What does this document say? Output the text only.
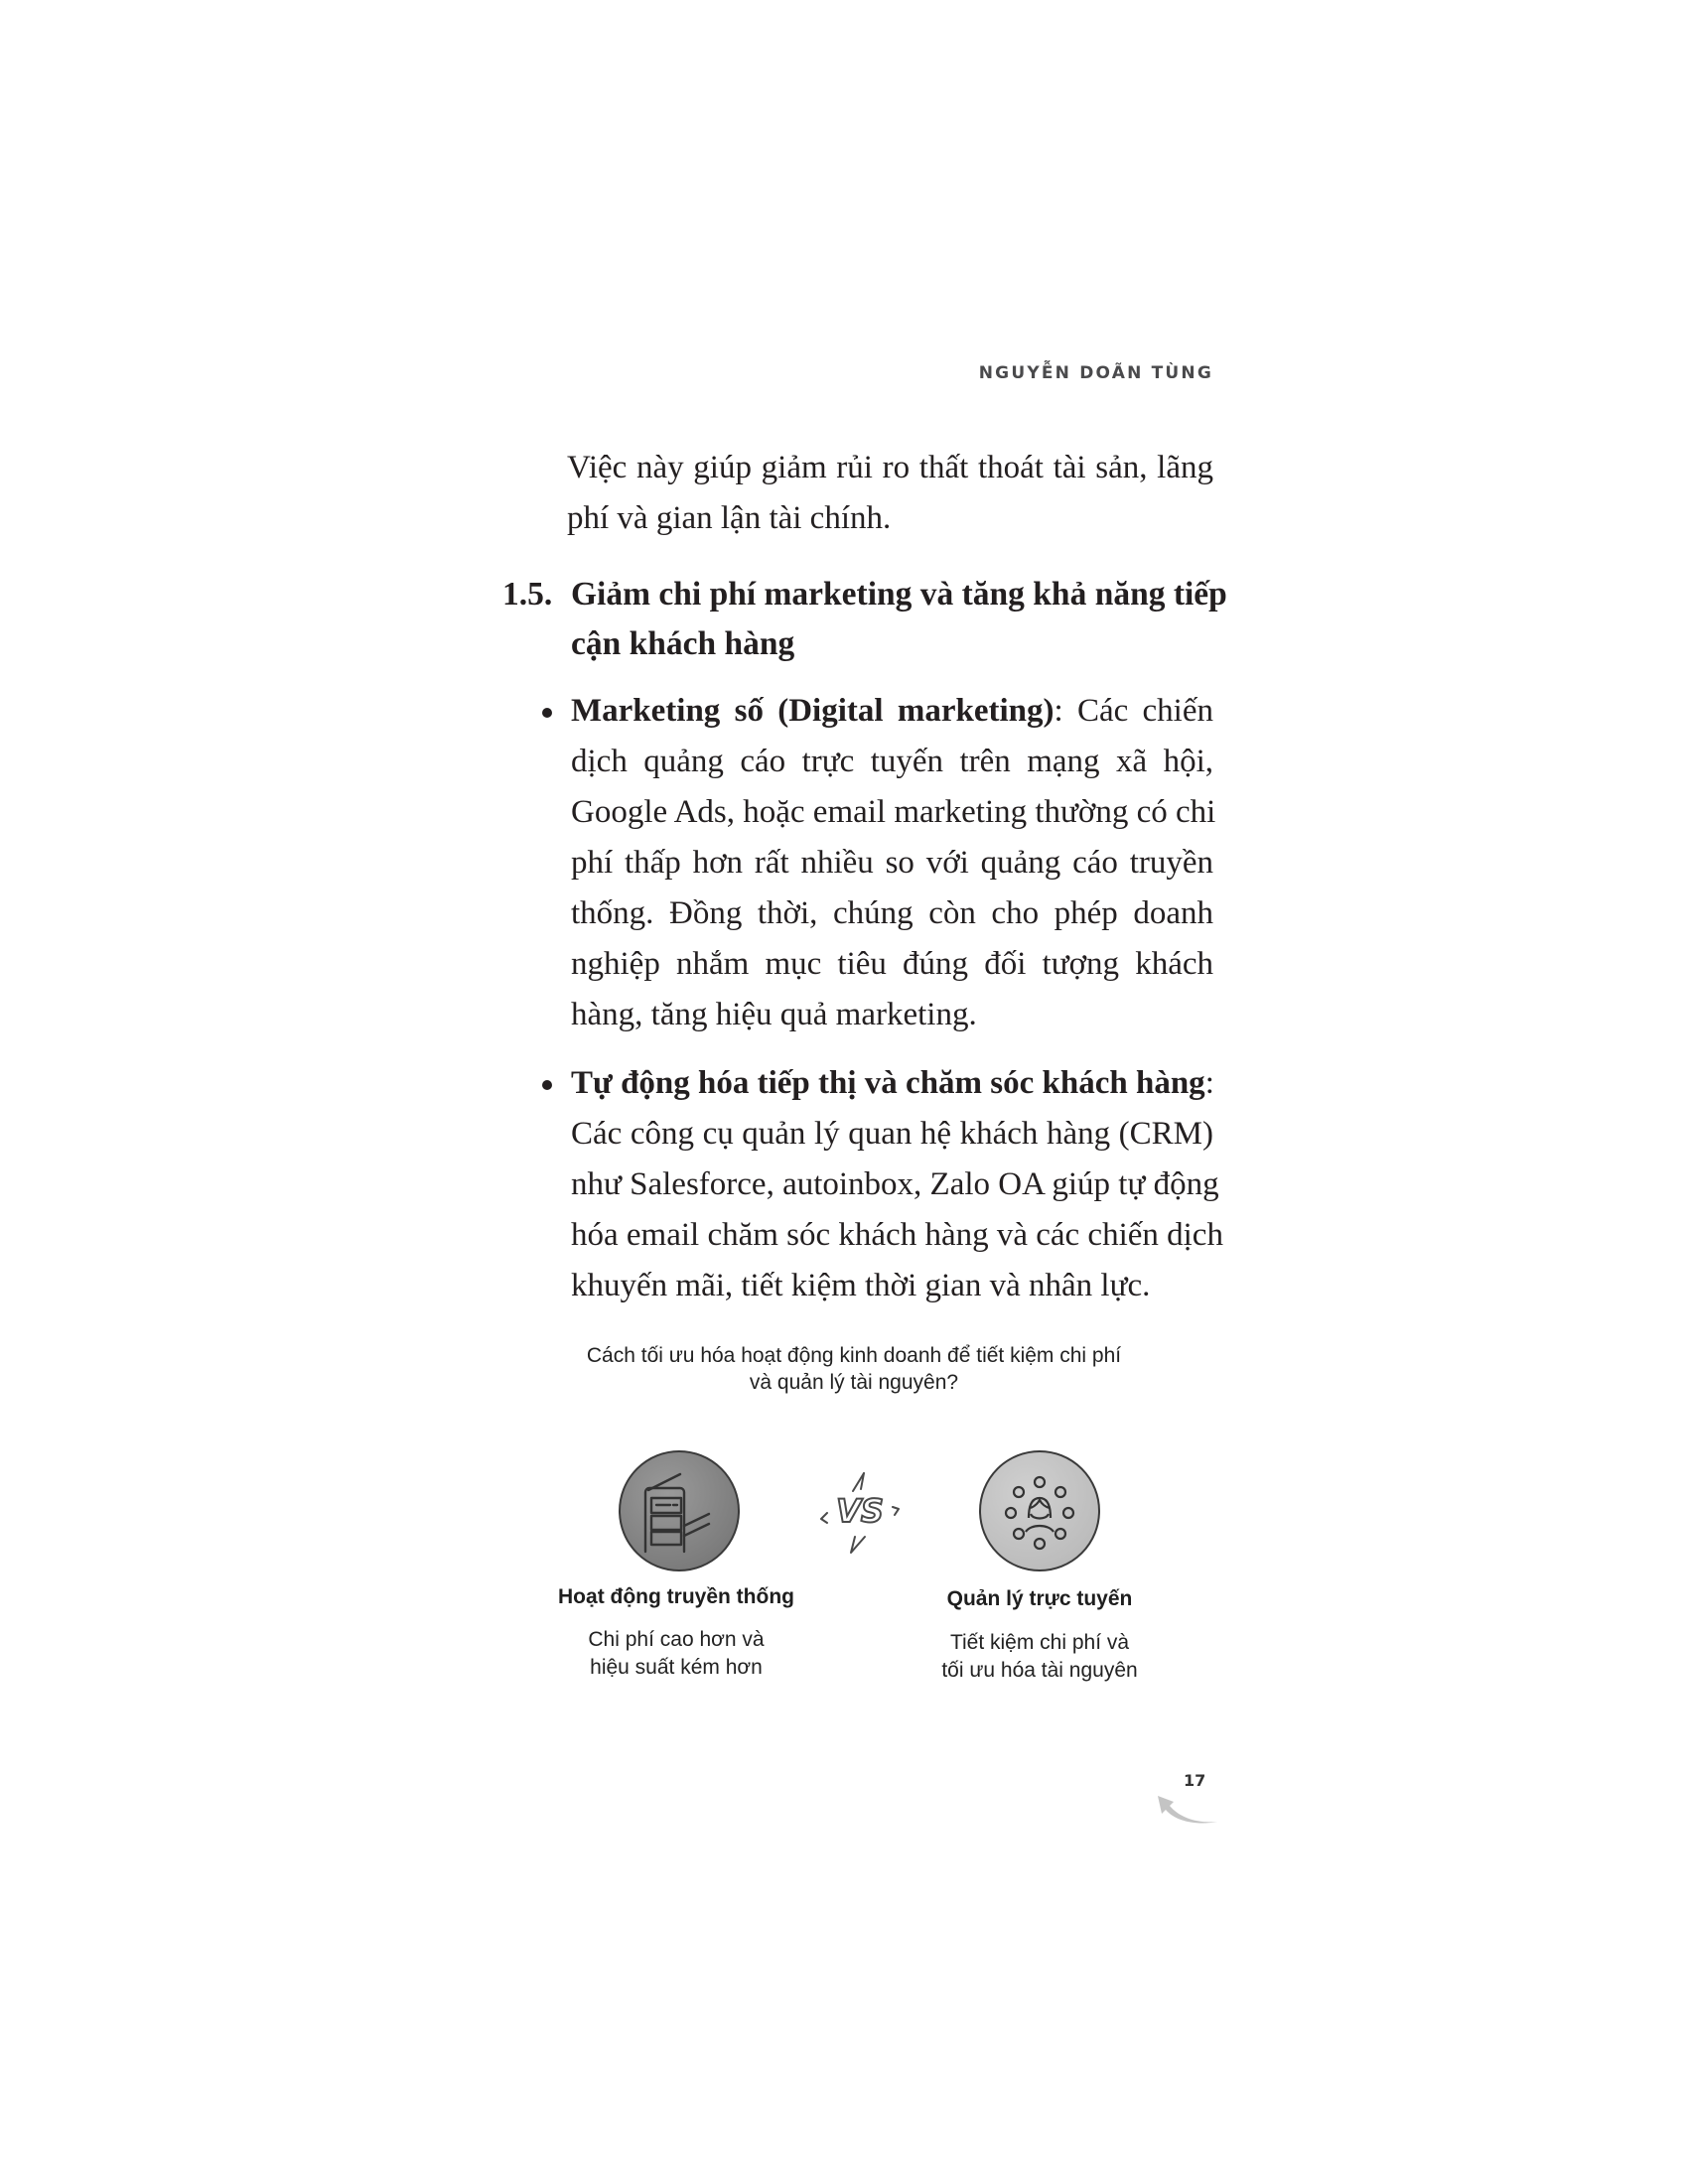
NGUYỄN DOÃN TÙNG
Việc này giúp giảm rủi ro thất thoát tài sản, lãng
phí và gian lận tài chính.
1.5. Giảm chi phí marketing và tăng khả năng tiếp
cận khách hàng
Marketing số (Digital marketing): Các chiến
dịch quảng cáo trực tuyến trên mạng xã hội,
Google Ads, hoặc email marketing thường có chi
phí thấp hơn rất nhiều so với quảng cáo truyền
thống. Đồng thời, chúng còn cho phép doanh
nghiệp nhắm mục tiêu đúng đối tượng khách
hàng, tăng hiệu quả marketing.
Tự động hóa tiếp thị và chăm sóc khách hàng:
Các công cụ quản lý quan hệ khách hàng (CRM)
như Salesforce, autoinbox, Zalo OA giúp tự động
hóa email chăm sóc khách hàng và các chiến dịch
khuyến mãi, tiết kiệm thời gian và nhân lực.
Cách tối ưu hóa hoạt động kinh doanh để tiết kiệm chi phí
và quản lý tài nguyên?
VS
Hoạt động truyền thống
Chi phí cao hơn và
hiệu suất kém hơn
Quản lý trực tuyến
Tiết kiệm chi phí và
tối ưu hóa tài nguyên
17
